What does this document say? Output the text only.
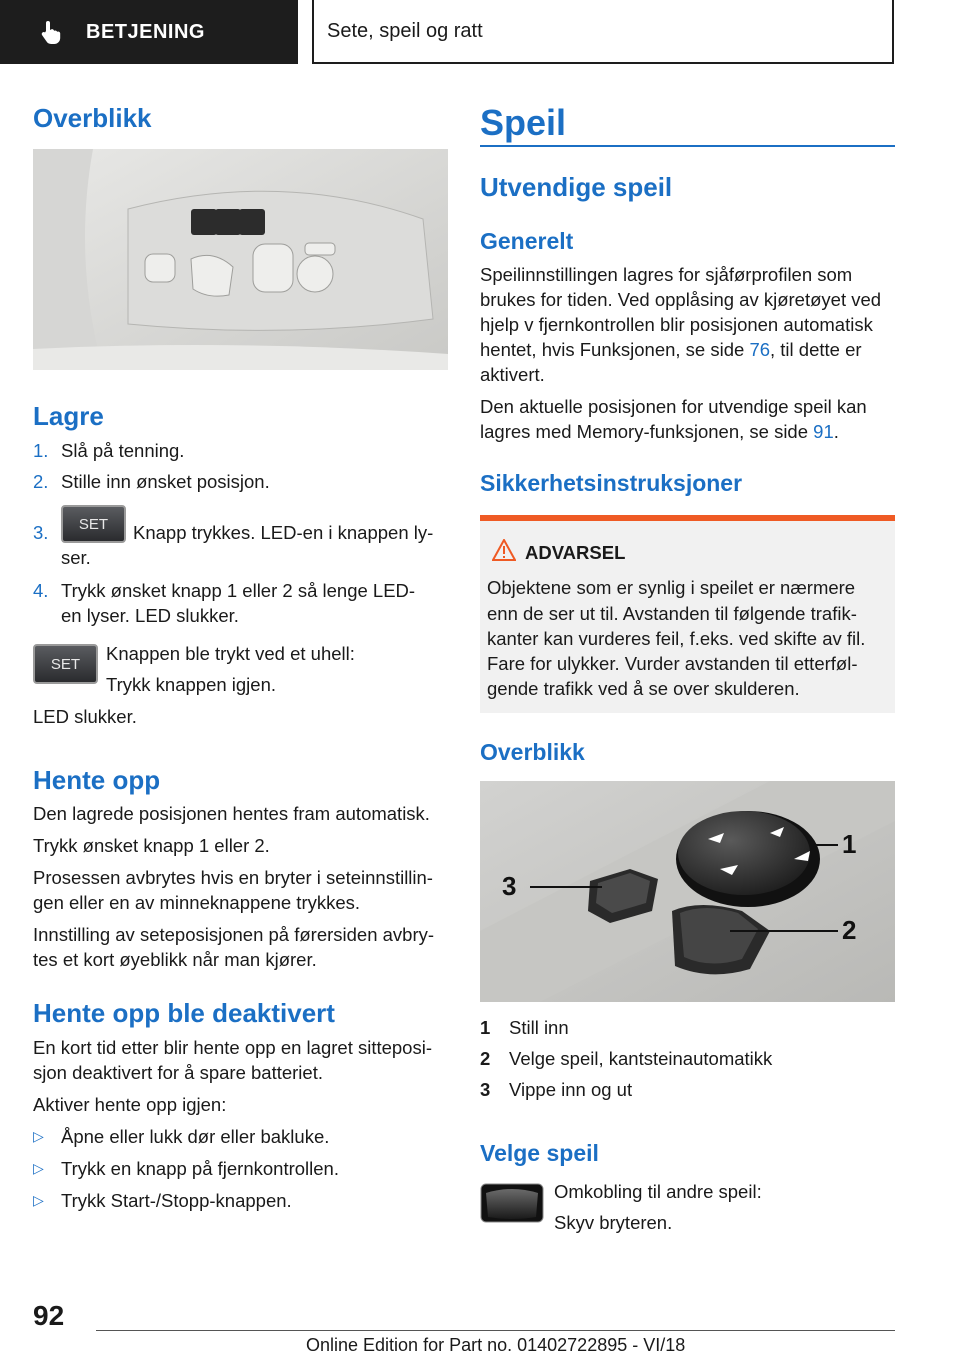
BETJENING	Sete, speil og ratt
Overblikk
Lagre
1. Slå på tenning.
2. Stille inn ønsket posisjon.
3.	SET	Knapp trykkes. LED-en i knappen ly-
ser.
4. Trykk ønsket knapp 1 eller 2 så lenge LED-
en lyser. LED slukker.
SET	Knappen ble trykt ved et uhell:
Trykk knappen igjen.
LED slukker.
Hente opp
Den lagrede posisjonen hentes fram automatisk.
Trykk ønsket knapp 1 eller 2.
Prosessen avbrytes hvis en bryter i seteinnstillin-
gen eller en av minneknappene trykkes.
Innstilling av seteposisjonen på førersiden avbry-
tes et kort øyeblikk når man kjører.
Hente opp ble deaktivert
En kort tid etter blir hente opp en lagret sitteposi-
sjon deaktivert for å spare batteriet.
Aktiver hente opp igjen:
▷ Åpne eller lukk dør eller bakluke.
▷ Trykk en knapp på fjernkontrollen.
▷ Trykk Start-/Stopp-knappen.
Speil
Utvendige speil
Generelt
Speilinnstillingen lagres for sjåførprofilen som
brukes for tiden. Ved opplåsing av kjøretøyet ved
hjelp v fjernkontrollen blir posisjonen automatisk
hentet, hvis Funksjonen, se side 76, til dette er
aktivert.
Den aktuelle posisjonen for utvendige speil kan
lagres med Memory-funksjonen, se side 91.
Sikkerhetsinstruksjoner
ADVARSEL
Objektene som er synlig i speilet er nærmere
enn de ser ut til. Avstanden til følgende trafik-
kanter kan vurderes feil, f.eks. ved skifte av fil.
Fare for ulykker. Vurder avstanden til etterføl-
gende trafikk ved å se over skulderen.
Overblikk
1
2
3
1	Still inn
2	Velge speil, kantsteinautomatikk
3	Vippe inn og ut
Velge speil
Omkobling til andre speil:
Skyv bryteren.
92
Online Edition for Part no. 01402722895 - VI/18
